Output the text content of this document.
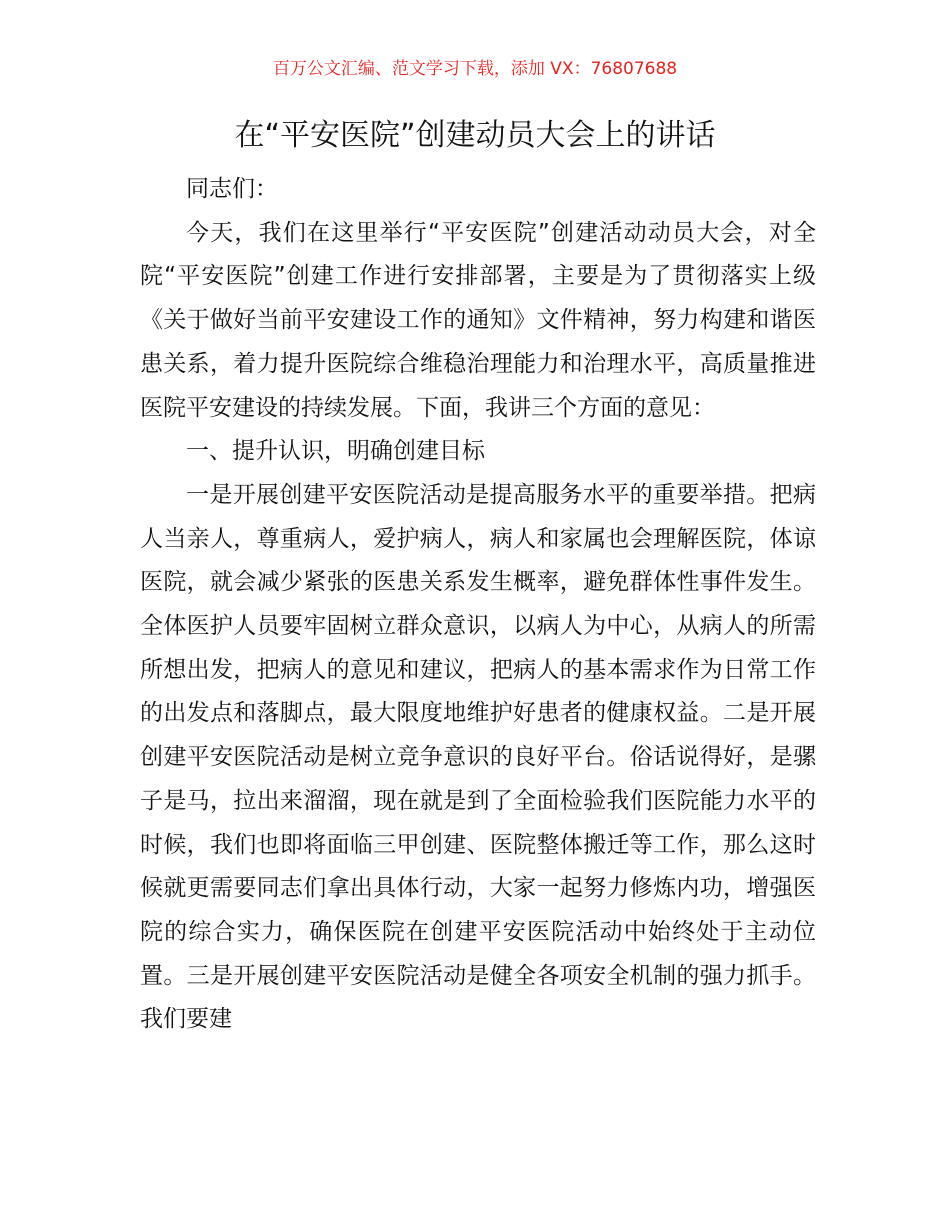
百万公文汇编、范文学习下载，添加 VX：76807688
在“平安医院”创建动员大会上的讲话

同志们：

今天，我们在这里举行“平安医院”创建活动动员大会，对全院“平安医院”创建工作进行安排部署，主要是为了贯彻落实上级《关于做好当前平安建设工作的通知》文件精神，努力构建和谐医患关系，着力提升医院综合维稳治理能力和治理水平，高质量推进医院平安建设的持续发展。下面，我讲三个方面的意见：

一、提升认识，明确创建目标

一是开展创建平安医院活动是提高服务水平的重要举措。把病人当亲人，尊重病人，爱护病人，病人和家属也会理解医院，体谅医院，就会减少紧张的医患关系发生概率，避免群体性事件发生。全体医护人员要牢固树立群众意识，以病人为中心，从病人的所需所想出发，把病人的意见和建议，把病人的基本需求作为日常工作的出发点和落脚点，最大限度地维护好患者的健康权益。二是开展创建平安医院活动是树立竞争意识的良好平台。俗话说得好，是骡子是马，拉出来溜溜，现在就是到了全面检验我们医院能力水平的时候，我们也即将面临三甲创建、医院整体搬迁等工作，那么这时候就更需要同志们拿出具体行动，大家一起努力修炼内功，增强医院的综合实力，确保医院在创建平安医院活动中始终处于主动位置。三是开展创建平安医院活动是健全各项安全机制的强力抓手。我们要建
